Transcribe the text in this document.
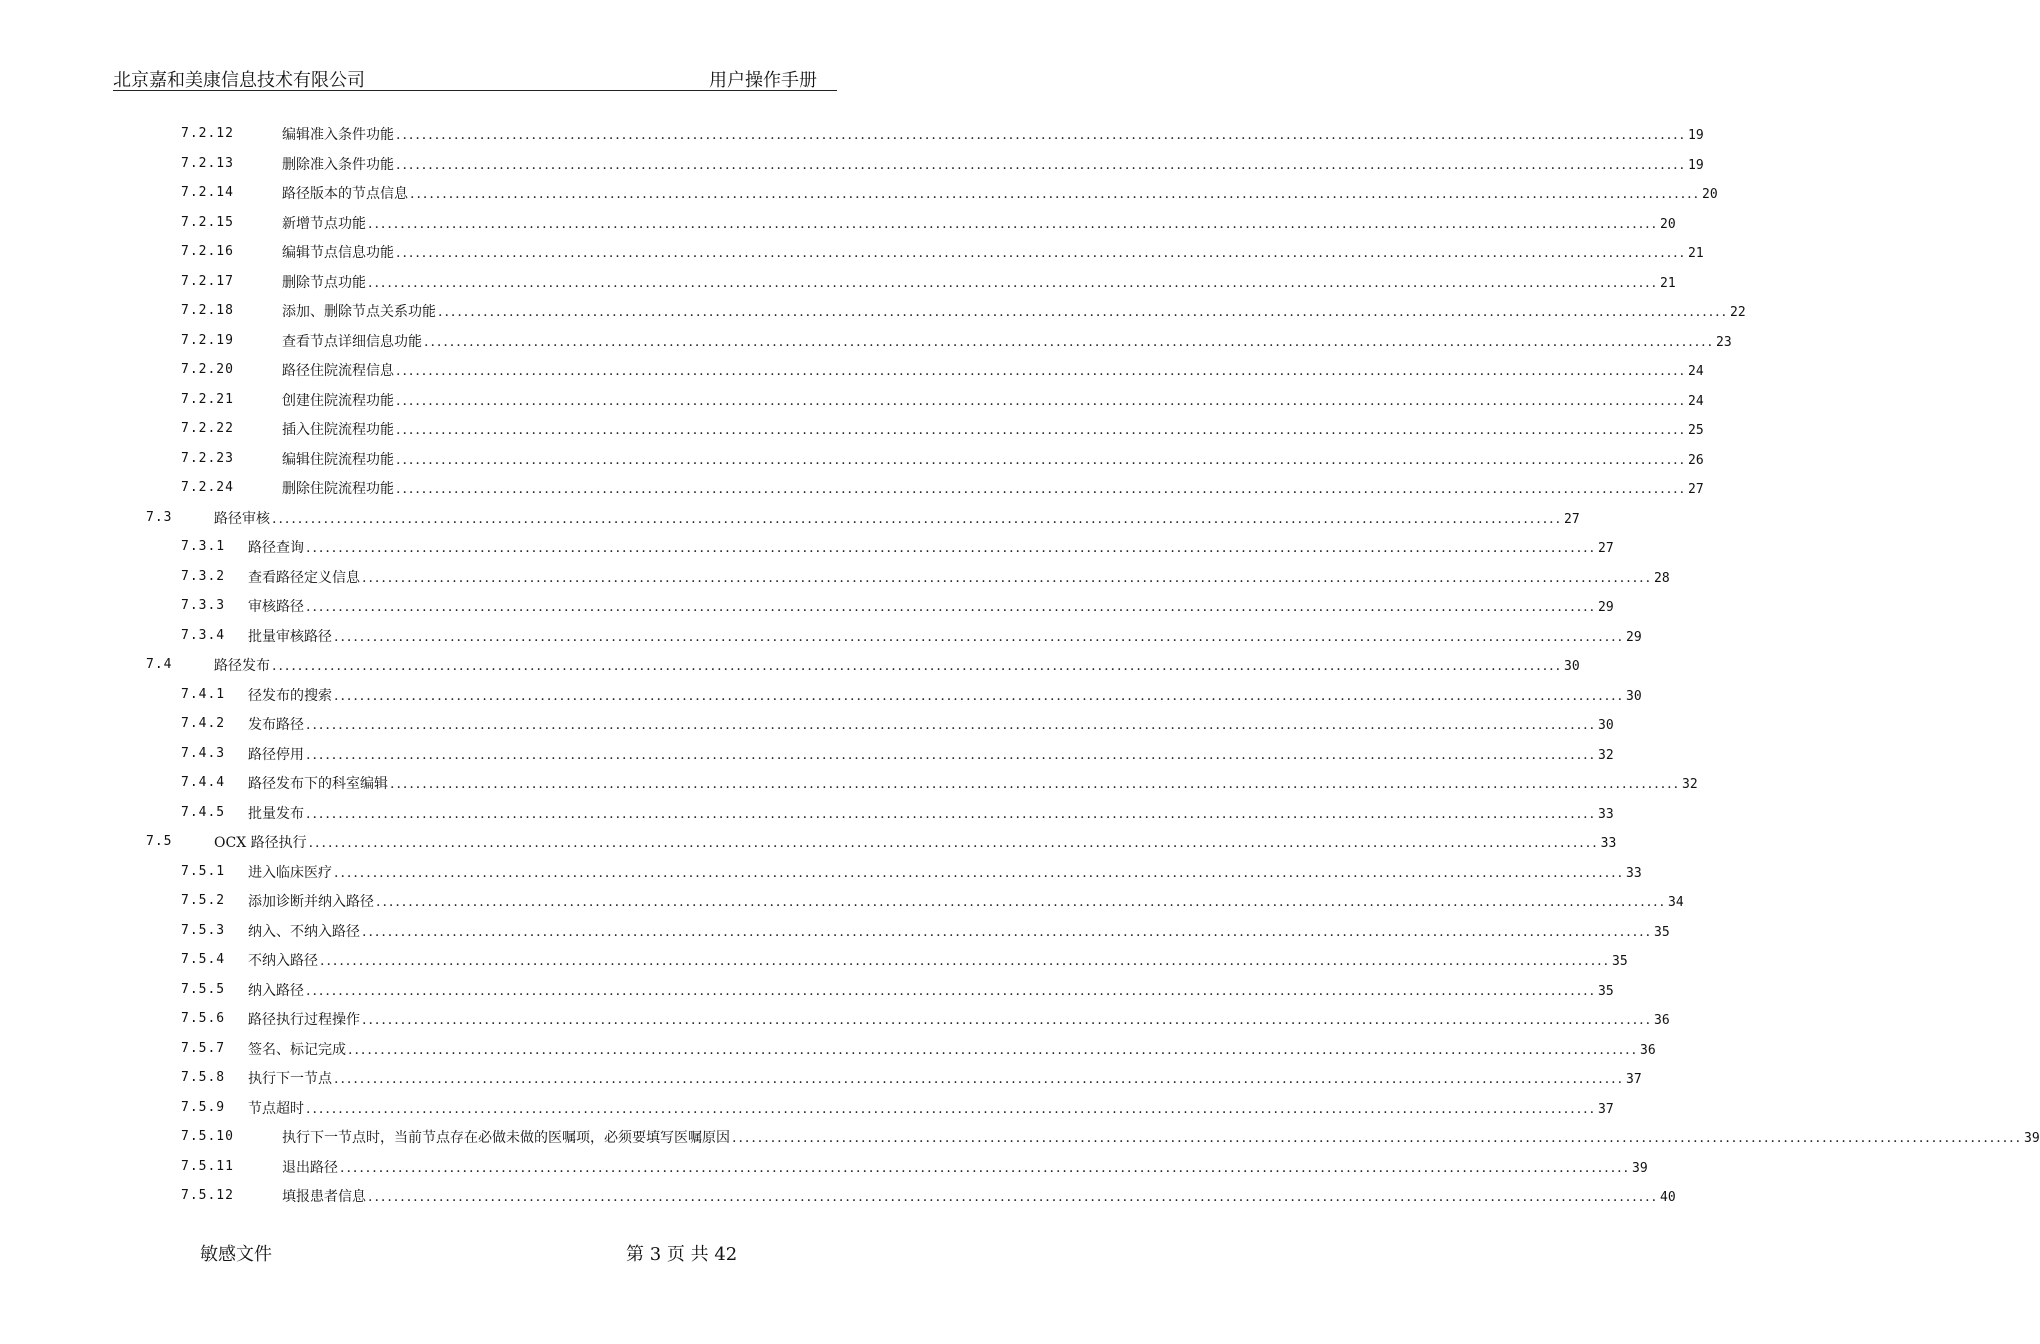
北京嘉和美康信息技术有限公司	用户操作手册
7.2.12	编辑准入条件功能 ........................................................................................................................................................................................................ 19
7.2.13	删除准入条件功能 ........................................................................................................................................................................................................ 19
7.2.14	路径版本的节点信息 ........................................................................................................................................................................................................ 20
7.2.15	新增节点功能 ........................................................................................................................................................................................................ 20
7.2.16	编辑节点信息功能 ........................................................................................................................................................................................................ 21
7.2.17	删除节点功能 ........................................................................................................................................................................................................ 21
7.2.18	添加、删除节点关系功能 ........................................................................................................................................................................................................ 22
7.2.19	查看节点详细信息功能 ........................................................................................................................................................................................................ 23
7.2.20	路径住院流程信息 ........................................................................................................................................................................................................ 24
7.2.21	创建住院流程功能 ........................................................................................................................................................................................................ 24
7.2.22	插入住院流程功能 ........................................................................................................................................................................................................ 25
7.2.23	编辑住院流程功能 ........................................................................................................................................................................................................ 26
7.2.24	删除住院流程功能 ........................................................................................................................................................................................................ 27
7.3	路径审核 ........................................................................................................................................................................................................ 27
7.3.1 路径查询 ........................................................................................................................................................................................................ 27
7.3.2 查看路径定义信息 ........................................................................................................................................................................................................ 28
7.3.3 审核路径 ........................................................................................................................................................................................................ 29
7.3.4 批量审核路径 ........................................................................................................................................................................................................ 29
7.4	路径发布 ........................................................................................................................................................................................................ 30
7.4.1 径发布的搜索 ........................................................................................................................................................................................................ 30
7.4.2 发布路径 ........................................................................................................................................................................................................ 30
7.4.3 路径停用 ........................................................................................................................................................................................................ 32
7.4.4 路径发布下的科室编辑 ........................................................................................................................................................................................................ 32
7.4.5 批量发布 ........................................................................................................................................................................................................ 33
7.5	OCX 路径执行 ........................................................................................................................................................................................................ 33
7.5.1 进入临床医疗 ........................................................................................................................................................................................................ 33
7.5.2 添加诊断并纳入路径 ........................................................................................................................................................................................................ 34
7.5.3 纳入、不纳入路径 ........................................................................................................................................................................................................ 35
7.5.4 不纳入路径 ........................................................................................................................................................................................................ 35
7.5.5 纳入路径 ........................................................................................................................................................................................................ 35
7.5.6 路径执行过程操作 ........................................................................................................................................................................................................ 36
7.5.7 签名、标记完成 ........................................................................................................................................................................................................ 36
7.5.8 执行下一节点 ........................................................................................................................................................................................................ 37
7.5.9 节点超时 ........................................................................................................................................................................................................ 37
7.5.10	执行下一节点时，当前节点存在必做未做的医嘱项，必须要填写医嘱原因 ........................................................................................................................................................................................................ 39
7.5.11	退出路径 ........................................................................................................................................................................................................ 39
7.5.12	填报患者信息 ........................................................................................................................................................................................................ 40
敏感文件	第 3 页 共 42
